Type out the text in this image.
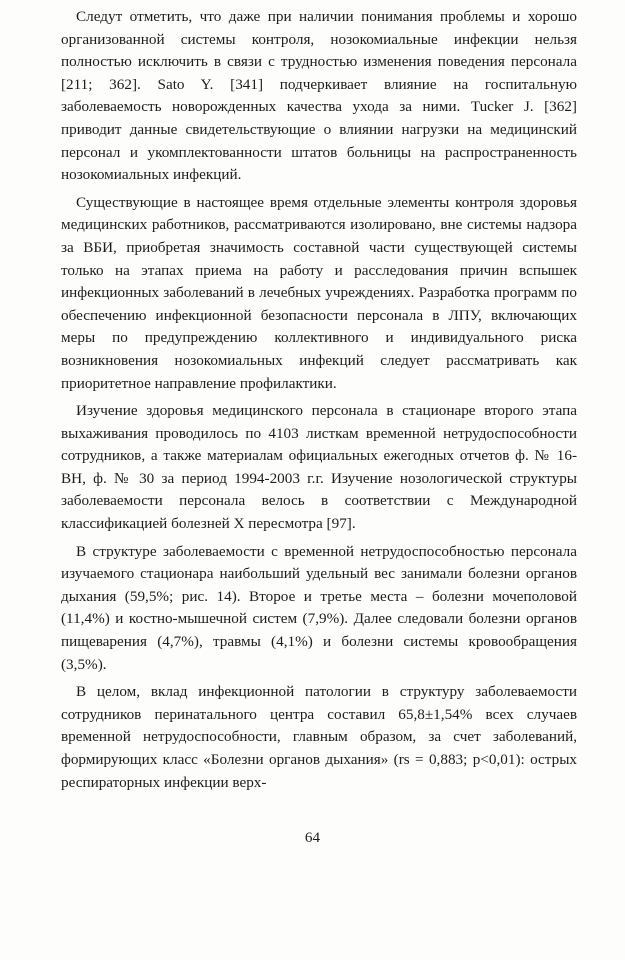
Следут отметить, что даже при наличии понимания проблемы и хорошо организованной системы контроля, нозокомиальные инфекции нельзя полностью исключить в связи с трудностью изменения поведения персонала [211; 362]. Sato Y. [341] подчеркивает влияние на госпитальную заболеваемость новорожденных качества ухода за ними. Tucker J. [362] приводит данные свидетельствующие о влиянии нагрузки на медицинский персонал и укомплектованности штатов больницы на распространенность нозокомиальных инфекций.

Существующие в настоящее время отдельные элементы контроля здоровья медицинских работников, рассматриваются изолировано, вне системы надзора за ВБИ, приобретая значимость составной части существующей системы только на этапах приема на работу и расследования причин вспышек инфекционных заболеваний в лечебных учреждениях. Разработка программ по обеспечению инфекционной безопасности персонала в ЛПУ, включающих меры по предупреждению коллективного и индивидуального риска возникновения нозокомиальных инфекций следует рассматривать как приоритетное направление профилактики.

Изучение здоровья медицинского персонала в стационаре второго этапа выхаживания проводилось по 4103 листкам временной нетрудоспособности сотрудников, а также материалам официальных ежегодных отчетов ф. № 16-ВН, ф. № 30 за период 1994-2003 г.г. Изучение нозологической структуры заболеваемости персонала велось в соответствии с Международной классификацией болезней X пересмотра [97].

В структуре заболеваемости с временной нетрудоспособностью персонала изучаемого стационара наибольший удельный вес занимали болезни органов дыхания (59,5%; рис. 14). Второе и третье места – болезни мочеполовой (11,4%) и костно-мышечной систем (7,9%). Далее следовали болезни органов пищеварения (4,7%), травмы (4,1%) и болезни системы кровообращения (3,5%).

В целом, вклад инфекционной патологии в структуру заболеваемости сотрудников перинатального центра составил 65,8±1,54% всех случаев временной нетрудоспособности, главным образом, за счет заболеваний, формирующих класс «Болезни органов дыхания» (rs = 0,883; p<0,01): острых респираторных инфекции верх-

64
